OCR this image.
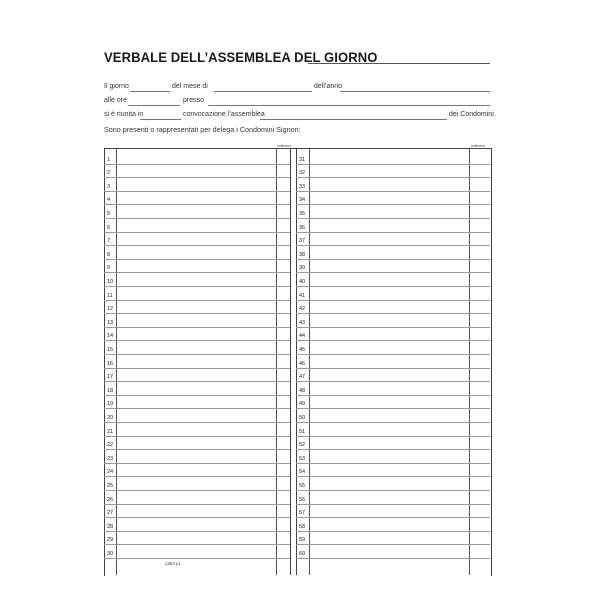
VERBALE DELL’ASSEMBLEA DEL GIORNO
Il giorno	del mese di	dell’anno
alle ore	presso
si è riunita in	convocazione l’assemblea	dei Condomini.
Sono presenti o rappresentati per delega i Condomini Signori:
millesimi	millesimi
1	31
2	32
3	33
4	34
5	35
6	36
7	37
8	38
9	39
10	40
11	41
12	42
13	43
14	44
15	45
16	46
17	47
18	48
19	49
20	50
21	51
22	52
23	53
24	54
25	55
26	56
27	57
28	58
29	59
30	60
1364 p1
